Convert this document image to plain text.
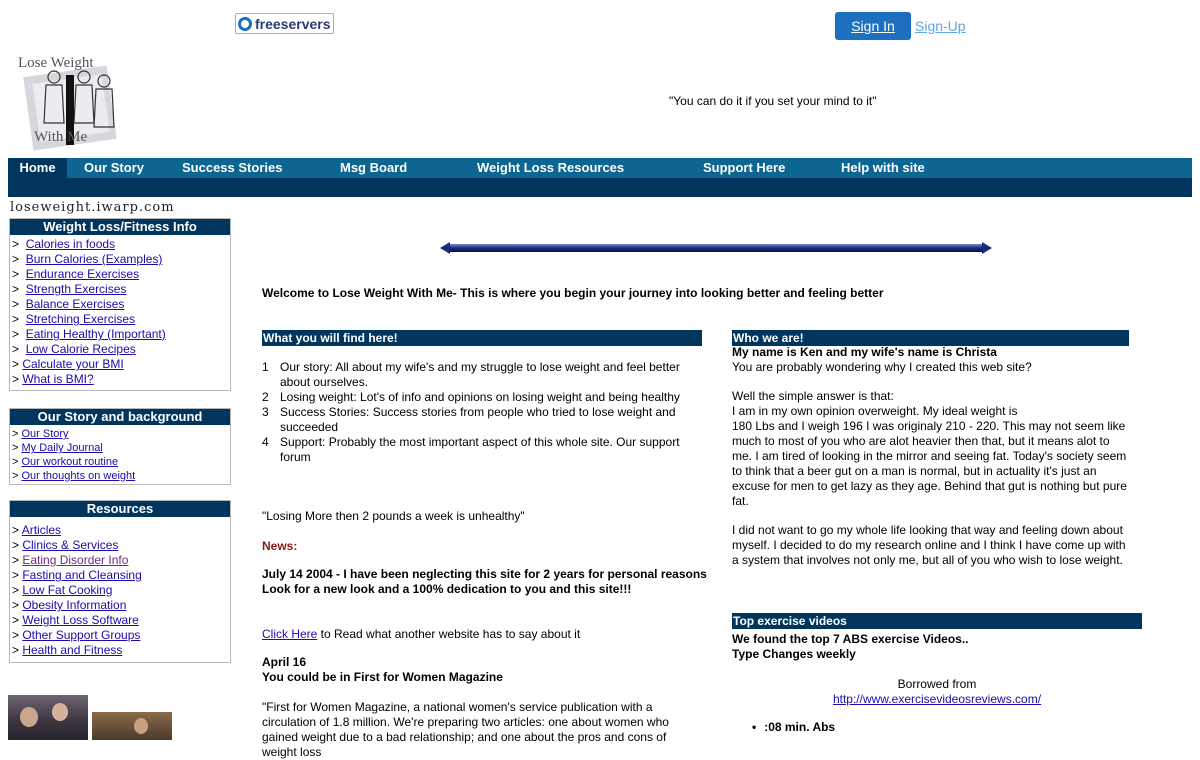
freeservers	Sign In	Sign-Up
Lose Weight
With Me
"You can do it if you set your mind to it"
Home	Our Story	Success Stories	Msg Board	Weight Loss Resources	Support Here	Help with site
loseweight.iwarp.com
Weight Loss/Fitness Info
>  Calories in foods
>  Burn Calories (Examples)
>  Endurance Exercises
>  Strength Exercises
>  Balance Exercises
>  Stretching Exercises
>  Eating Healthy (Important)
>  Low Calorie Recipes
> Calculate your BMI
> What is BMI?
Our Story and background
> Our Story
> My Daily Journal
> Our workout routine
> Our thoughts on weight
Resources
> Articles
> Clinics & Services
> Eating Disorder Info
> Fasting and Cleansing
> Low Fat Cooking
> Obesity Information
> Weight Loss Software
> Other Support Groups
> Health and Fitness
Welcome to Lose Weight With Me- This is where you begin your journey into looking better and feeling better
What you will find here!
1 Our story: All about my wife's and my struggle to lose weight and feel better about ourselves.
2 Losing weight: Lot's of info and opinions on losing weight and being healthy
3 Success Stories: Success stories from people who tried to lose weight and succeeded
4 Support: Probably the most important aspect of this whole site. Our support forum
"Losing More then 2 pounds a week is unhealthy"
News:
July 14 2004 - I have been neglecting this site for 2 years for personal reasons
Look for a new look and a 100% dedication to you and this site!!!
Click Here to Read what another website has to say about it
April 16
You could be in First for Women Magazine
"First for Women Magazine, a national women's service publication with a circulation of 1.8 million. We're preparing two articles: one about women who gained weight due to a bad relationship; and one about the pros and cons of weight loss
Who we are!
My name is Ken and my wife's name is Christa

You are probably wondering why I created this web site?

Well the simple answer is that:
I am in my own opinion overweight. My ideal weight is

180 Lbs and I weigh 196 I was originaly 210 - 220. This may not seem like much to most of you who are alot heavier then that, but it means alot to me. I am tired of looking in the mirror and seeing fat. Today's society seem to think that a beer gut on a man is normal, but in actuality it's just an excuse for men to get lazy as they age. Behind that gut is nothing but pure fat.

I did not want to go my whole life looking that way and feeling down about myself. I decided to do my research online and I think I have come up with a system that involves not only me, but all of you who wish to lose weight.

Top exercise videos
We found the top 7 ABS exercise Videos..
Type Changes weekly
Borrowed from
http://www.exercisevideosreviews.com/
• :08 min. Abs
